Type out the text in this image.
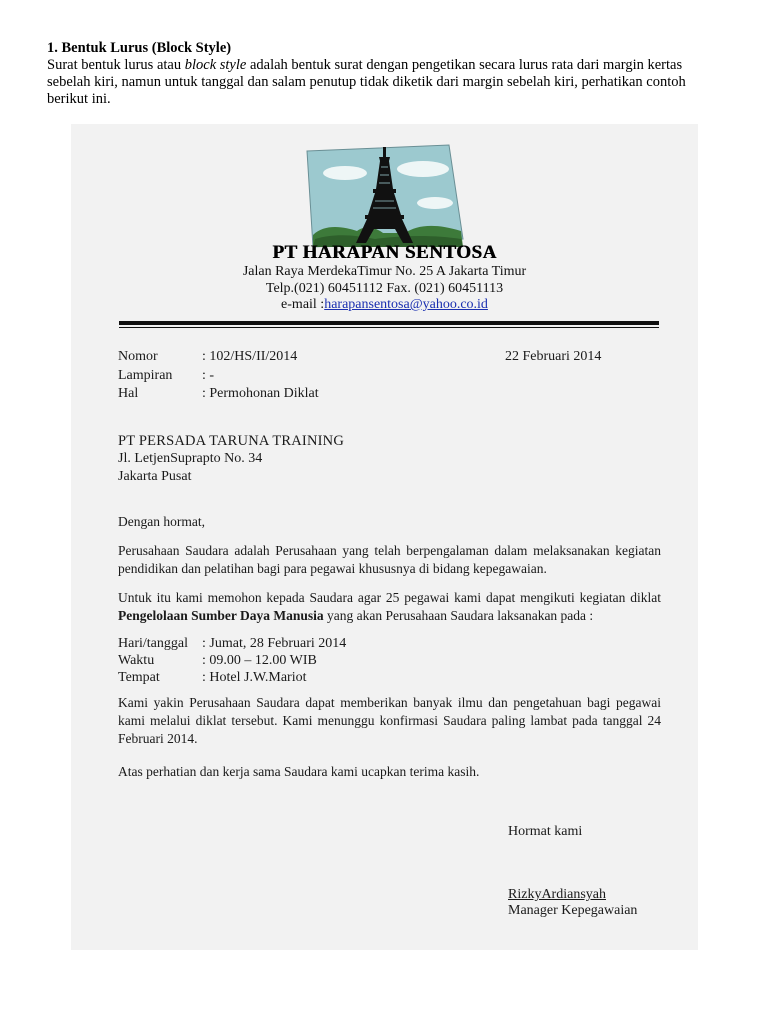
1. Bentuk Lurus (Block Style)
Surat bentuk lurus atau block style adalah bentuk surat dengan pengetikan secara lurus rata dari margin kertas sebelah kiri, namun untuk tanggal dan salam penutup tidak diketik dari margin sebelah kiri, perhatikan contoh berikut ini.
PT HARAPAN SENTOSA
Jalan Raya MerdekaTimur No. 25 A Jakarta Timur
Telp.(021) 60451112 Fax. (021) 60451113
e-mail :harapansentosa@yahoo.co.id
Nomor	: 102/HS/II/2014	22 Februari 2014
Lampiran : -
Hal	: Permohonan Diklat
PT PERSADA TARUNA TRAINING
Jl. LetjenSuprapto No. 34
Jakarta Pusat
Dengan hormat,
Perusahaan Saudara adalah Perusahaan yang telah berpengalaman dalam melaksanakan kegiatan pendidikan dan pelatihan bagi para pegawai khususnya di bidang kepegawaian.
Untuk itu kami memohon kepada Saudara agar 25 pegawai kami dapat mengikuti kegiatan diklat Pengelolaan Sumber Daya Manusia yang akan Perusahaan Saudara laksanakan pada :
Hari/tanggal : Jumat, 28 Februari 2014
Waktu	: 09.00 – 12.00 WIB
Tempat	: Hotel J.W.Mariot
Kami yakin Perusahaan Saudara dapat memberikan banyak ilmu dan pengetahuan bagi pegawai kami melalui diklat tersebut. Kami menunggu konfirmasi Saudara paling lambat pada tanggal 24 Februari 2014.
Atas perhatian dan kerja sama Saudara kami ucapkan terima kasih.
Hormat kami
RizkyArdiansyah
Manager Kepegawaian
